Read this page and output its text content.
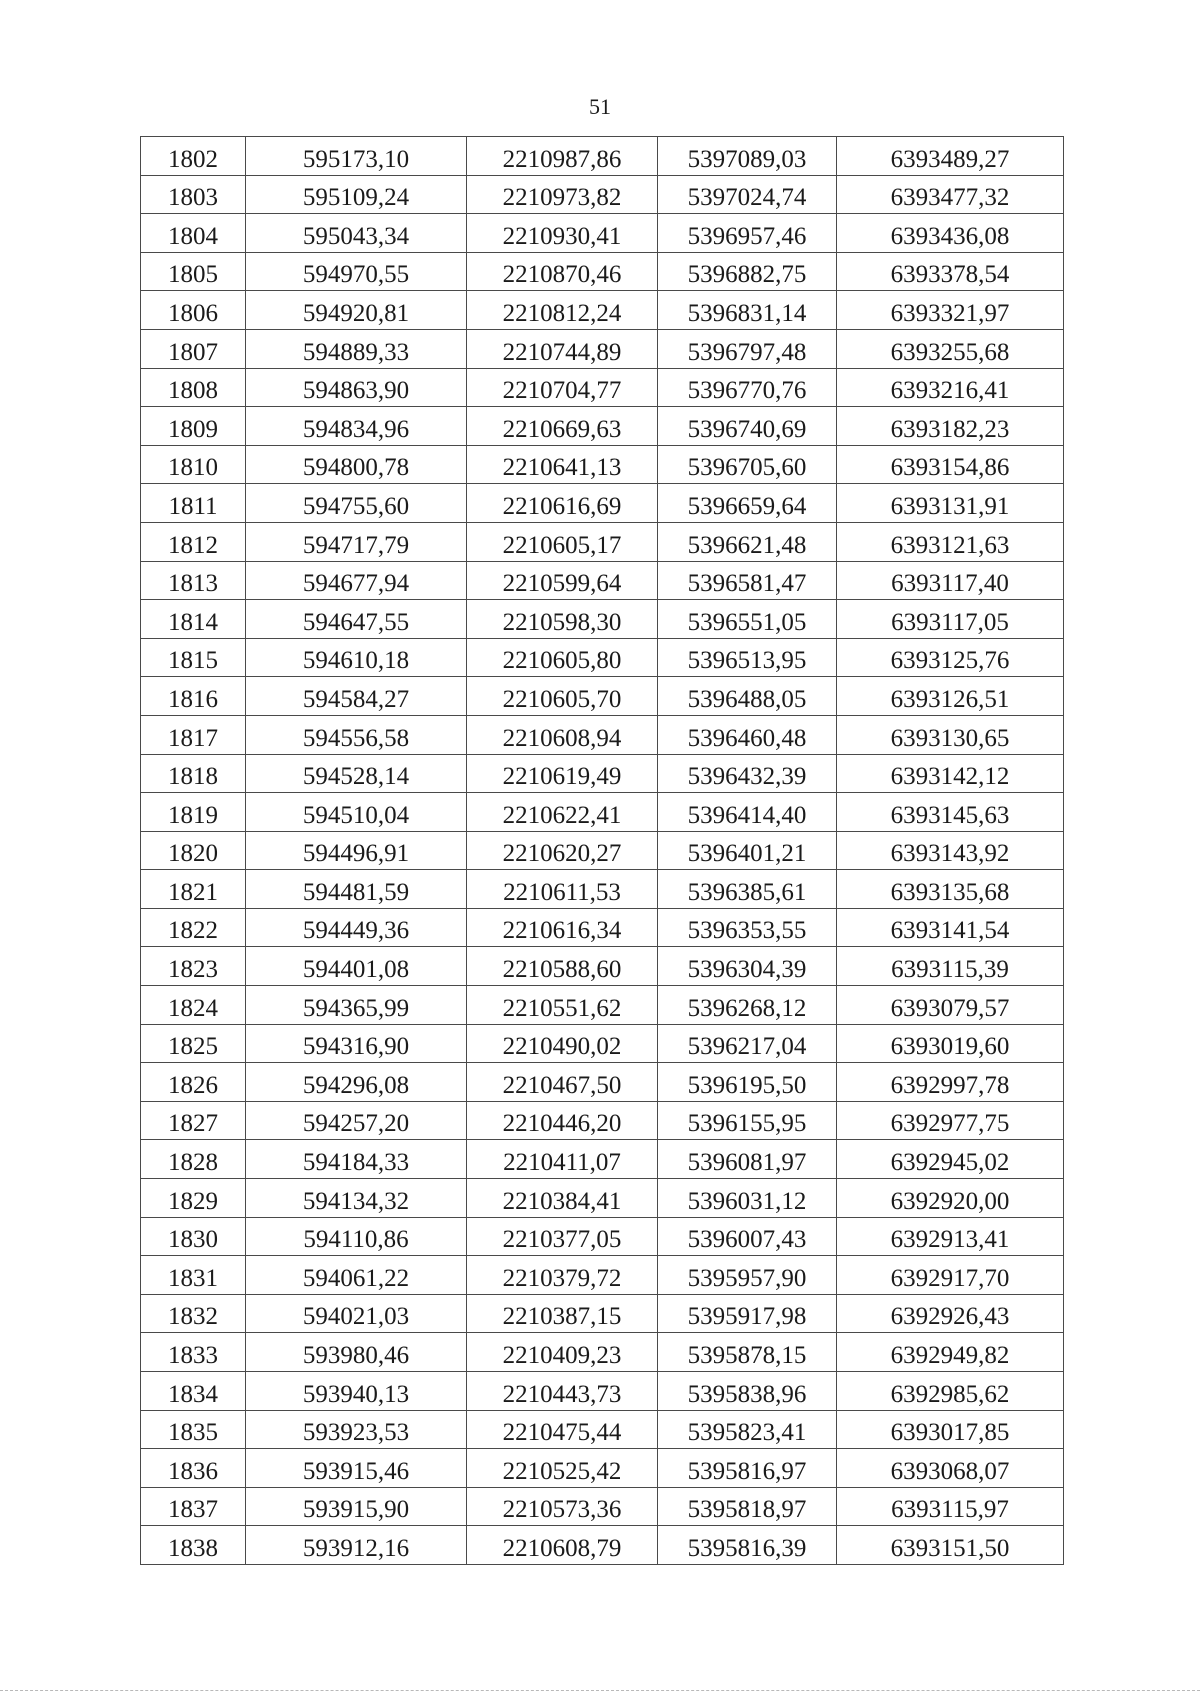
51
1802	595173,10	2210987,86	5397089,03	6393489,27
1803	595109,24	2210973,82	5397024,74	6393477,32
1804	595043,34	2210930,41	5396957,46	6393436,08
1805	594970,55	2210870,46	5396882,75	6393378,54
1806	594920,81	2210812,24	5396831,14	6393321,97
1807	594889,33	2210744,89	5396797,48	6393255,68
1808	594863,90	2210704,77	5396770,76	6393216,41
1809	594834,96	2210669,63	5396740,69	6393182,23
1810	594800,78	2210641,13	5396705,60	6393154,86
1811	594755,60	2210616,69	5396659,64	6393131,91
1812	594717,79	2210605,17	5396621,48	6393121,63
1813	594677,94	2210599,64	5396581,47	6393117,40
1814	594647,55	2210598,30	5396551,05	6393117,05
1815	594610,18	2210605,80	5396513,95	6393125,76
1816	594584,27	2210605,70	5396488,05	6393126,51
1817	594556,58	2210608,94	5396460,48	6393130,65
1818	594528,14	2210619,49	5396432,39	6393142,12
1819	594510,04	2210622,41	5396414,40	6393145,63
1820	594496,91	2210620,27	5396401,21	6393143,92
1821	594481,59	2210611,53	5396385,61	6393135,68
1822	594449,36	2210616,34	5396353,55	6393141,54
1823	594401,08	2210588,60	5396304,39	6393115,39
1824	594365,99	2210551,62	5396268,12	6393079,57
1825	594316,90	2210490,02	5396217,04	6393019,60
1826	594296,08	2210467,50	5396195,50	6392997,78
1827	594257,20	2210446,20	5396155,95	6392977,75
1828	594184,33	2210411,07	5396081,97	6392945,02
1829	594134,32	2210384,41	5396031,12	6392920,00
1830	594110,86	2210377,05	5396007,43	6392913,41
1831	594061,22	2210379,72	5395957,90	6392917,70
1832	594021,03	2210387,15	5395917,98	6392926,43
1833	593980,46	2210409,23	5395878,15	6392949,82
1834	593940,13	2210443,73	5395838,96	6392985,62
1835	593923,53	2210475,44	5395823,41	6393017,85
1836	593915,46	2210525,42	5395816,97	6393068,07
1837	593915,90	2210573,36	5395818,97	6393115,97
1838	593912,16	2210608,79	5395816,39	6393151,50
